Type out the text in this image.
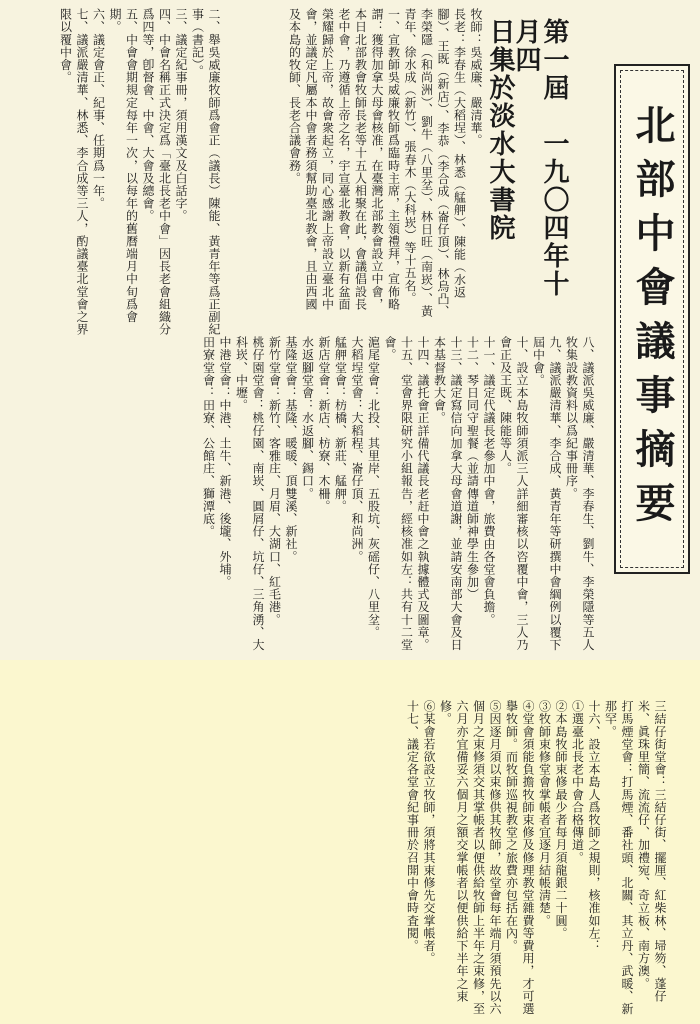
北部中會議事摘要
第一屆　一九〇四年十月四
日集於淡水大書院
牧師：吳威廉、嚴清華。
長老：李春生（大稻埕）、林悉（艋舺）、陳能（水返腳）、王既（新店）、李恭（李合成（崙仔頂）、林烏凸、李榮隱（和尚洲）、劉牛（八里坌）、林日旺（南崁）、黃青年、徐水成（新竹）、張春木（大科崁）等十五名。
一、宣教師吳威廉牧師爲臨時主席，主領禮拜，宣佈略謂：獲得加拿大母會核准，在臺灣北部教會設立中會，本日北部教會牧師長老等十五人相聚在此，會議倡設長老中會，乃遵循上帝之名，宇宣臺北教會，以新有盆面榮耀歸於上帝，故會衆起立，同心感謝上帝設立臺北中會，並議定凡屬本中會者務須幫助臺北教會，且由西國及本島的牧師、長老合議會務。
二、舉吳威廉牧師爲會正（議長）陳能、黃青年等爲正副紀事（書記）。
三、議定紀事冊，須用漢文及白話字。
四、中會名稱正式決定爲「臺北長老中會」因長老會組織分爲四等，卽督會、中會、大會及總會。
五、中會會期規定每年一次，以每年的舊曆端月中旬爲會期。
六、議定會正、紀事、任期爲一年。
七、議派嚴清華、林悉、李合成等三人，酌議臺北堂會之界限以覆中會。
八、議派吳威廉、嚴清華、李春生、劉牛、李榮隱等五人牧集設教資料以爲紀事冊序。
九、議派嚴清華、李合成、黃青年等研撰中會綱例以覆下屆中會。
十、設立本島牧師須派三人詳細審核以咨覆中會，三人乃會正及王既、陳能等人。
十一、議定代議長老參加中會，旅費由各堂會負擔。
十二、琴日同守聖餐（並請傳道師神學生參加）
十三、議定寫信向加拿大母會道謝，並請安南部大會及日本基督教大會。
十四、議托會正詳備代議長老赶中會之執據體式及圖章。
十五、堂會界限研究小組報告，經核准如左：共有十二堂會。
滬尾堂會：北投、其里岸、五股坑、灰磘仔、八里坌。
大稻埕堂會：大稻程、崙仔頂、和尚洲。
艋舺堂會：枋橋、新莊、艋舺。
新店堂會：新店、枋寮、木柵。
水返腳堂會：水返腳、錫口。
基隆堂會：基隆、暖暖、頂雙溪、新社。
新竹堂會：新竹、客雅庄、月眉、大湖口、紅毛港。
桃仔園堂會：桃仔園、南崁、圓屑仔、坑仔、三角湧、大科崁、中壢。
中港堂會：中港、土牛、新港、後壠、外埔。
田寮堂會：田寮、公館庄、獅潭底。
三結仔街堂會：三結仔街、擺厘、紅柴林、埽笏、蓬仔米、眞珠里簡、流流仔、加禮宛、奇立板、南方澳。
打馬煙堂會：打馬煙、番社頭、北關、其立丹、武暖、新那罕。
十六、設立本島人爲牧師之規則，核准如左：
①選臺北長老中會合格傳道。
②本島牧師束修最少者每月須龍銀二十圓。
③牧師束修堂會掌帳者宜逐月結帳淸楚。
④堂會須能負擔牧師束修及修理教堂雜費等費用，才可選擧牧師。而牧師巡視教堂之旅費亦包括在內。
⑤因逐月須以束修供其牧師，故堂會每年端月須預先以六個月之束修須交其掌帳者以便供給牧師上半年之束修，至六月亦宜備妥六個月之額交掌帳者以便供給下半年之束修。
⑥某會若欲設立牧師，須將其束修先交掌帳者。
十七、議定各堂會紀事冊於召開中會時査閱。
